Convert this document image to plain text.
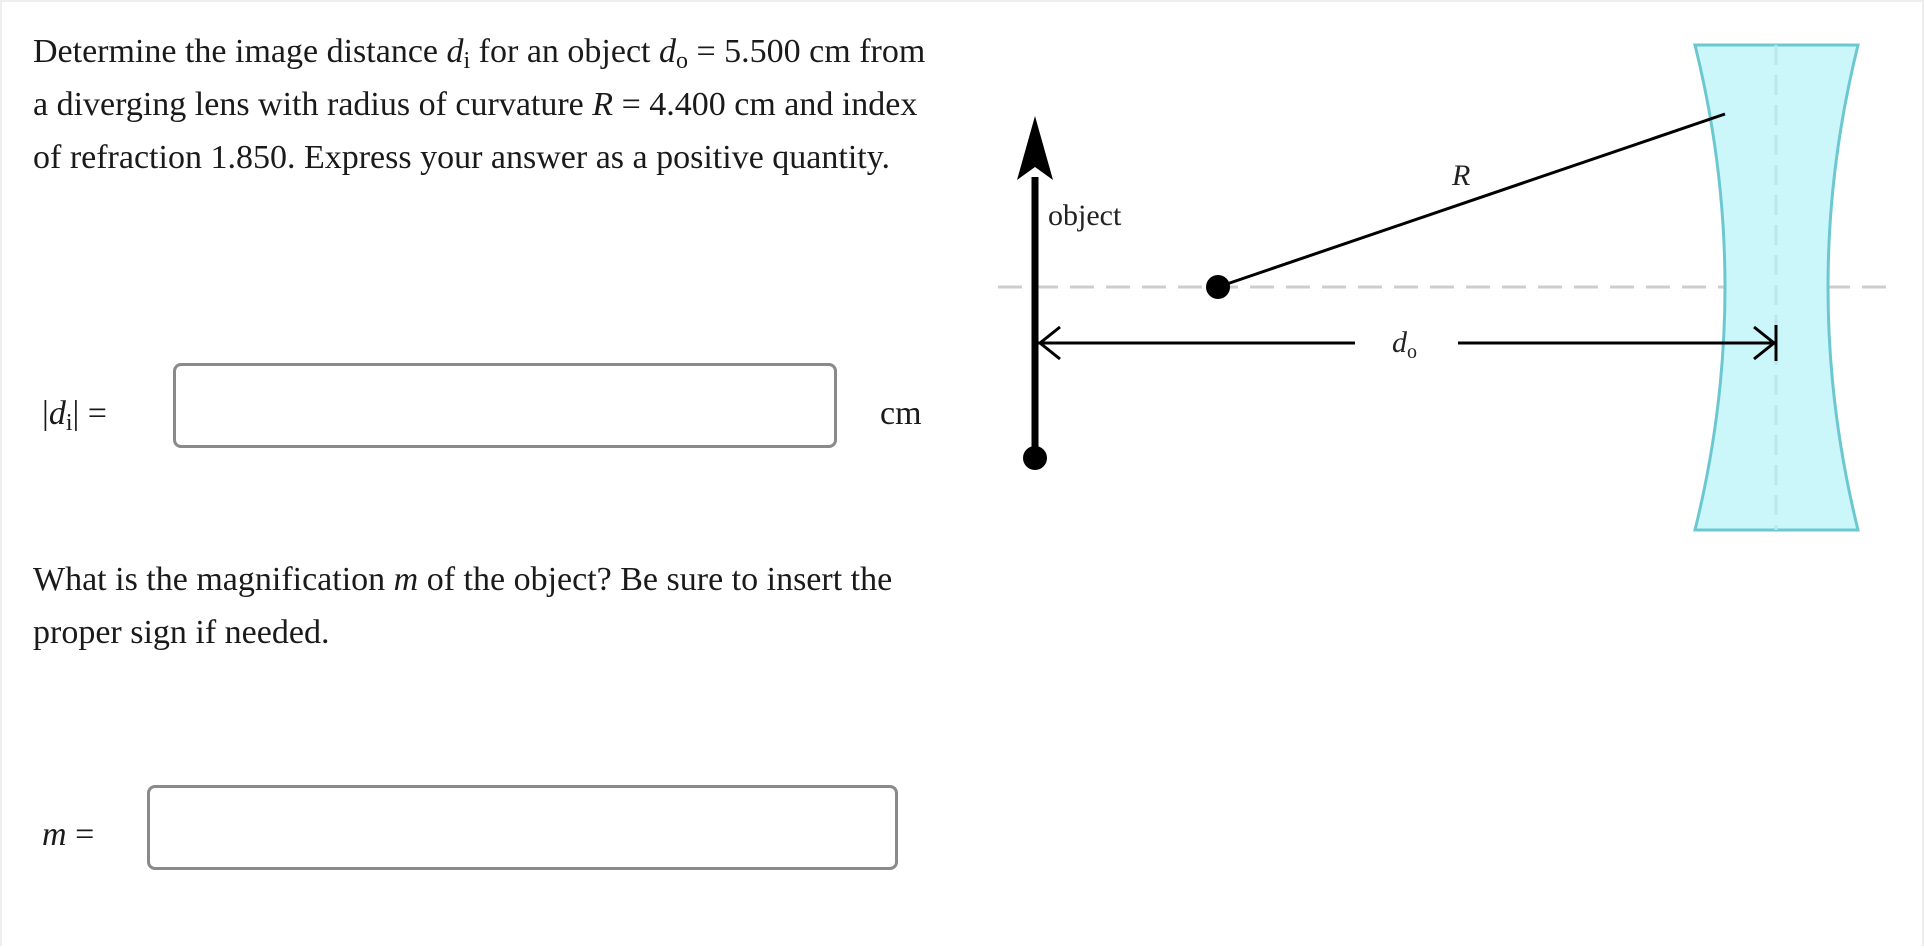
Determine the image distance $d_i$ for an object $d_o = 5.500$ cm from a diverging lens with radius of curvature R = 4.400 cm and index of refraction 1.850. Express your answer as a positive quantity.

$|d_i|$ =	cm
object
R
$d_o$

What is the magnification m of the object? Be sure to insert the proper sign if needed.

m =
